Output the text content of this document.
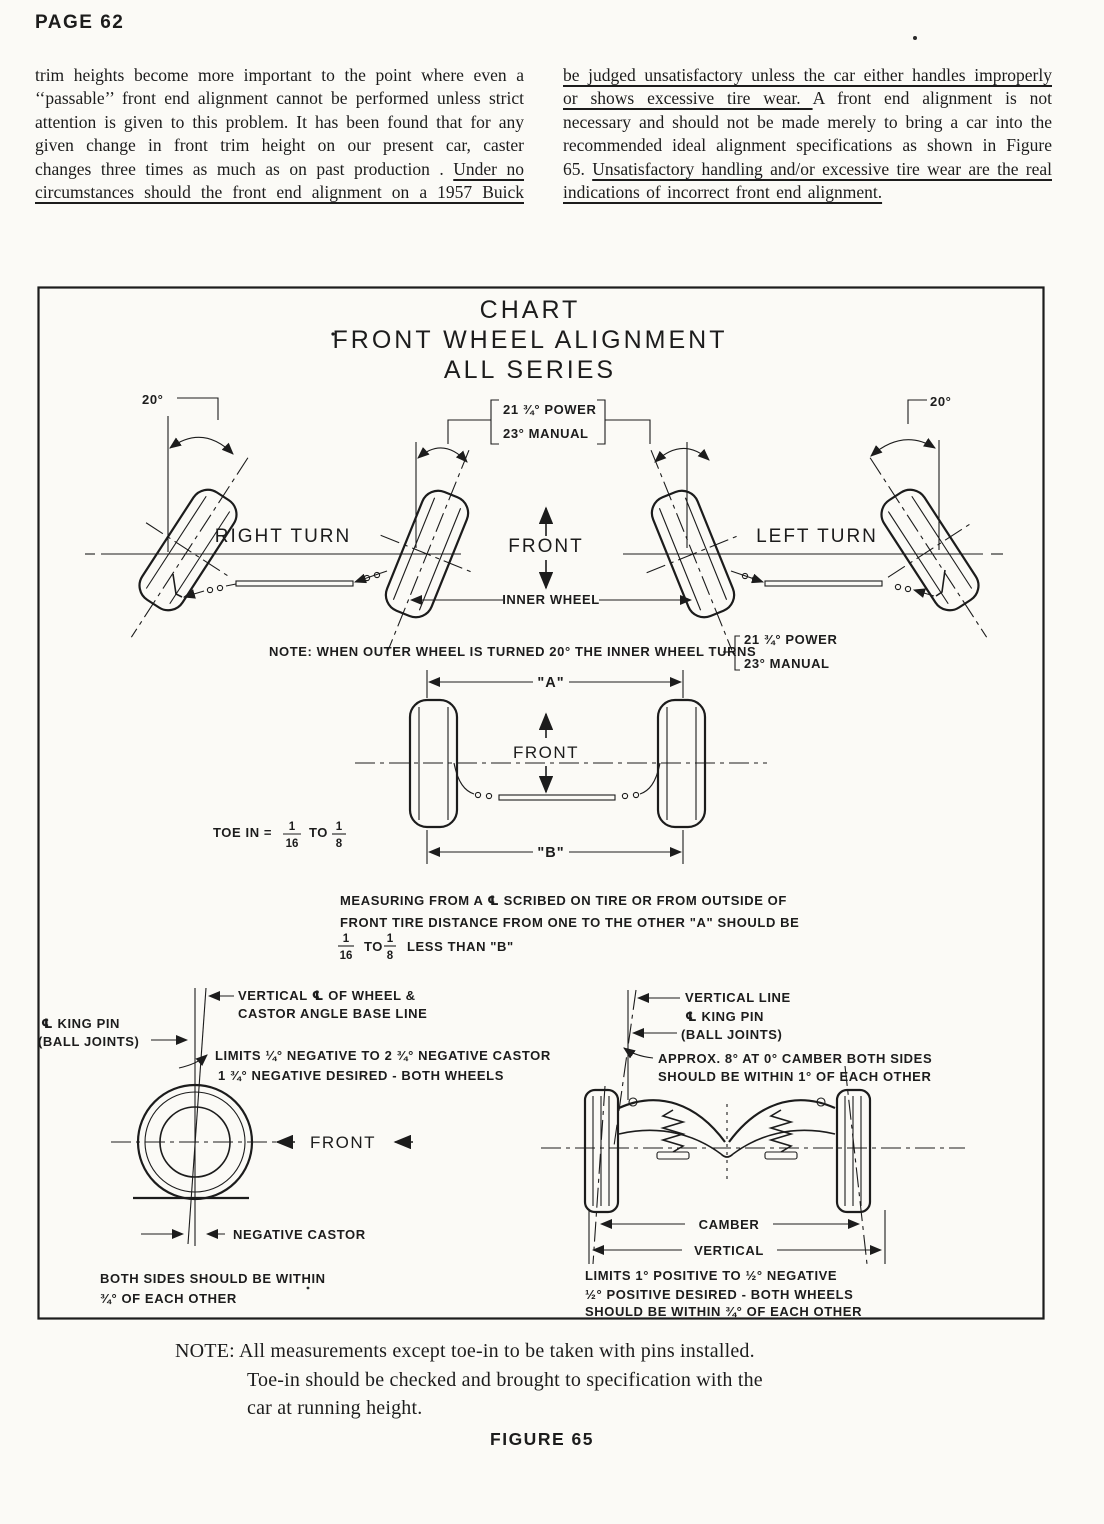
PAGE 62
trim heights become more important to the point where even a ‘‘passable’’ front end alignment cannot be performed unless strict attention is given to this problem. It has been found that for any given change in front trim height on our present car, caster changes three times as much as on past production . Under no circumstances should the front end alignment on a 1957 Buick
be judged unsatisfactory unless the car either handles improperly or shows excessive tire wear. A front end alignment is not necessary and should not be made merely to bring a car into the recommended ideal alignment specifications as shown in Figure 65. Unsatisfactory handling and/or excessive tire wear are the real indications of incorrect front end alignment.
CHART
FRONT WHEEL ALIGNMENT
ALL SERIES
20°
RIGHT TURN
21 ¾° POWER
23° MANUAL
20°
LEFT TURN
FRONT
INNER WHEEL
NOTE: WHEN OUTER WHEEL IS TURNED 20° THE INNER WHEEL TURNS
21 ¾° POWER
23° MANUAL
"A"
FRONT
"B"
TOE IN = 1
16
TO 1
8
MEASURING FROM A ℄ SCRIBED ON TIRE OR FROM OUTSIDE OF
FRONT TIRE DISTANCE FROM ONE TO THE OTHER "A" SHOULD BE
1
16
TO 1
8
LESS THAN "B"
VERTICAL ℄ OF WHEEL &
CASTOR ANGLE BASE LINE
℄ KING PIN
(BALL JOINTS)
LIMITS ¼° NEGATIVE TO 2 ¾° NEGATIVE CASTOR
1 ¾° NEGATIVE DESIRED - BOTH WHEELS
FRONT
NEGATIVE CASTOR
BOTH SIDES SHOULD BE WITHIN
¾° OF EACH OTHER
VERTICAL LINE
℄ KING PIN
(BALL JOINTS)
APPROX. 8° AT 0° CAMBER BOTH SIDES
SHOULD BE WITHIN 1° OF EACH OTHER
CAMBER
VERTICAL
LIMITS 1° POSITIVE TO ½° NEGATIVE
½° POSITIVE DESIRED - BOTH WHEELS
SHOULD BE WITHIN ¾° OF EACH OTHER
NOTE: All measurements except toe-in to be taken with pins installed.
Toe-in should be checked and brought to specification with the
car at running height.
FIGURE 65
